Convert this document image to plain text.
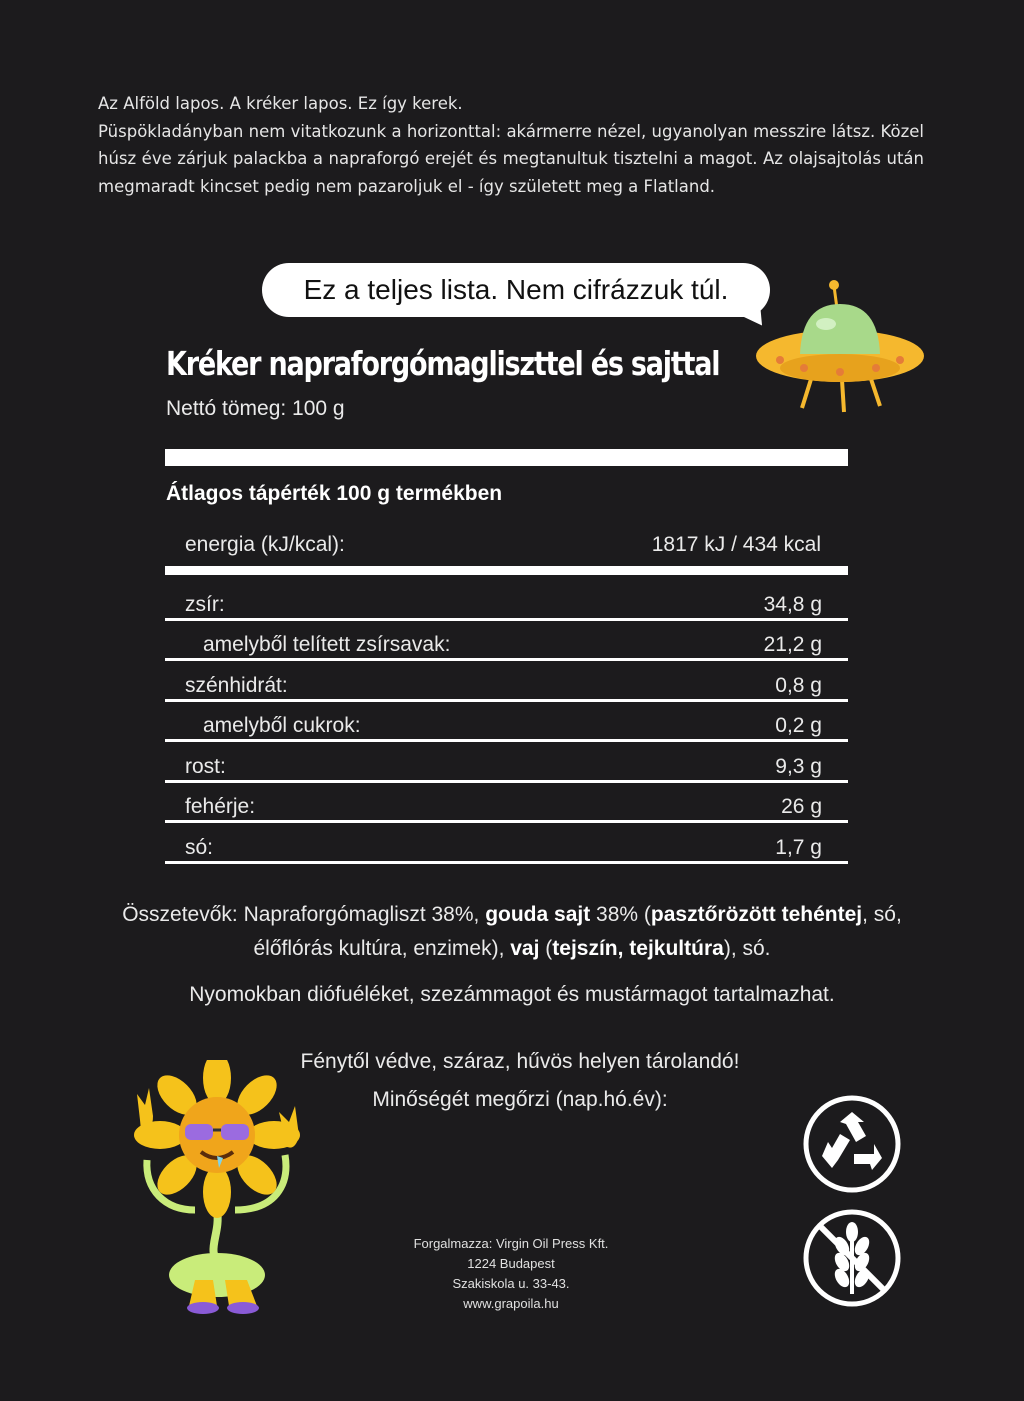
Az Alföld lapos. A kréker lapos. Ez így kerek.
Püspökladányban nem vitatkozunk a horizonttal: akármerre nézel, ugyanolyan messzire látsz. Közel húsz éve zárjuk palackba a napraforgó erejét és megtanultuk tisztelni a magot. Az olajsajtolás után megmaradt kincset pedig nem pazaroljuk el - így született meg a Flatland.
Ez a teljes lista. Nem cifrázzuk túl.
Kréker napraforgómagliszttel és sajttal
Nettó tömeg: 100 g
Átlagos tápérték 100 g termékben
energia (kJ/kcal):	1817 kJ / 434 kcal
zsír:	34,8 g
amelyből telített zsírsavak:	21,2 g
szénhidrát:	0,8 g
amelyből cukrok:	0,2 g
rost:	9,3 g
fehérje:	26 g
só:	1,7 g
Összetevők: Napraforgómagliszt 38%, gouda sajt 38% (pasztőrözött tehéntej, só, élőflórás kultúra, enzimek), vaj (tejszín, tejkultúra), só.
Nyomokban diófuéléket, szezámmagot és mustármagot tartalmazhat.
Fénytől védve, száraz, hűvös helyen tárolandó!
Minőségét megőrzi (nap.hó.év):
Forgalmazza: Virgin Oil Press Kft.
1224 Budapest
Szakiskola u. 33-43.
www.grapoila.hu
